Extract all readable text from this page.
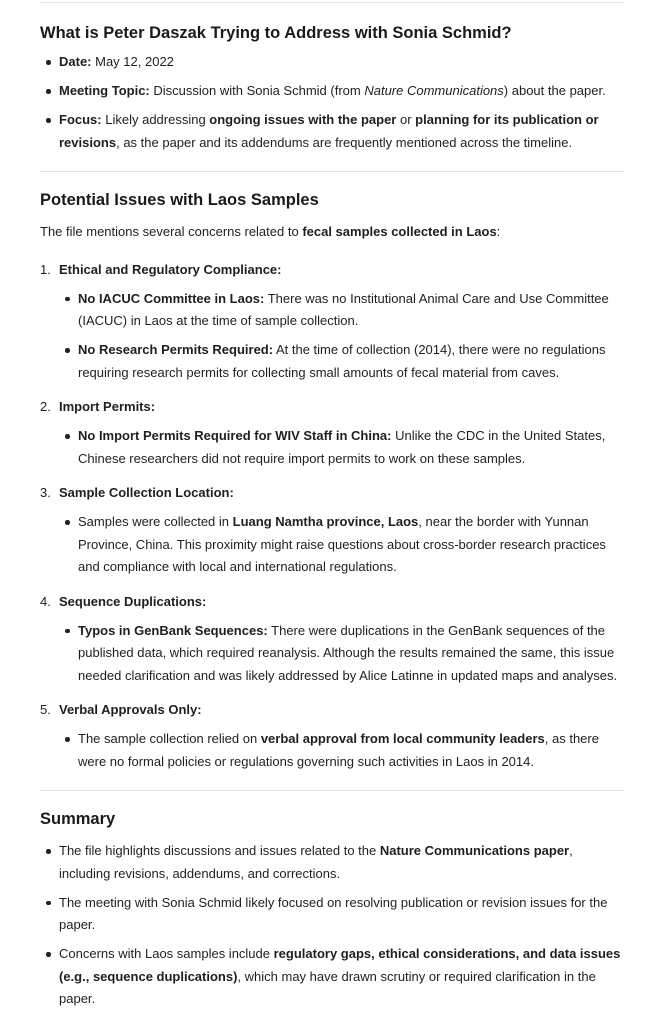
What is Peter Daszak Trying to Address with Sonia Schmid?
Date: May 12, 2022
Meeting Topic: Discussion with Sonia Schmid (from Nature Communications) about the paper.
Focus: Likely addressing ongoing issues with the paper or planning for its publication or revisions, as the paper and its addendums are frequently mentioned across the timeline.
Potential Issues with Laos Samples

The file mentions several concerns related to fecal samples collected in Laos:

1. Ethical and Regulatory Compliance:
No IACUC Committee in Laos: There was no Institutional Animal Care and Use Committee (IACUC) in Laos at the time of sample collection.
No Research Permits Required: At the time of collection (2014), there were no regulations requiring research permits for collecting small amounts of fecal material from caves.
2. Import Permits:
No Import Permits Required for WIV Staff in China: Unlike the CDC in the United States, Chinese researchers did not require import permits to work on these samples.
3. Sample Collection Location:
Samples were collected in Luang Namtha province, Laos, near the border with Yunnan Province, China. This proximity might raise questions about cross-border research practices and compliance with local and international regulations.
4. Sequence Duplications:
Typos in GenBank Sequences: There were duplications in the GenBank sequences of the published data, which required reanalysis. Although the results remained the same, this issue needed clarification and was likely addressed by Alice Latinne in updated maps and analyses.
5. Verbal Approvals Only:
The sample collection relied on verbal approval from local community leaders, as there were no formal policies or regulations governing such activities in Laos in 2014.
Summary
The file highlights discussions and issues related to the Nature Communications paper, including revisions, addendums, and corrections.
The meeting with Sonia Schmid likely focused on resolving publication or revision issues for the paper.
Concerns with Laos samples include regulatory gaps, ethical considerations, and data issues (e.g., sequence duplications), which may have drawn scrutiny or required clarification in the paper.
